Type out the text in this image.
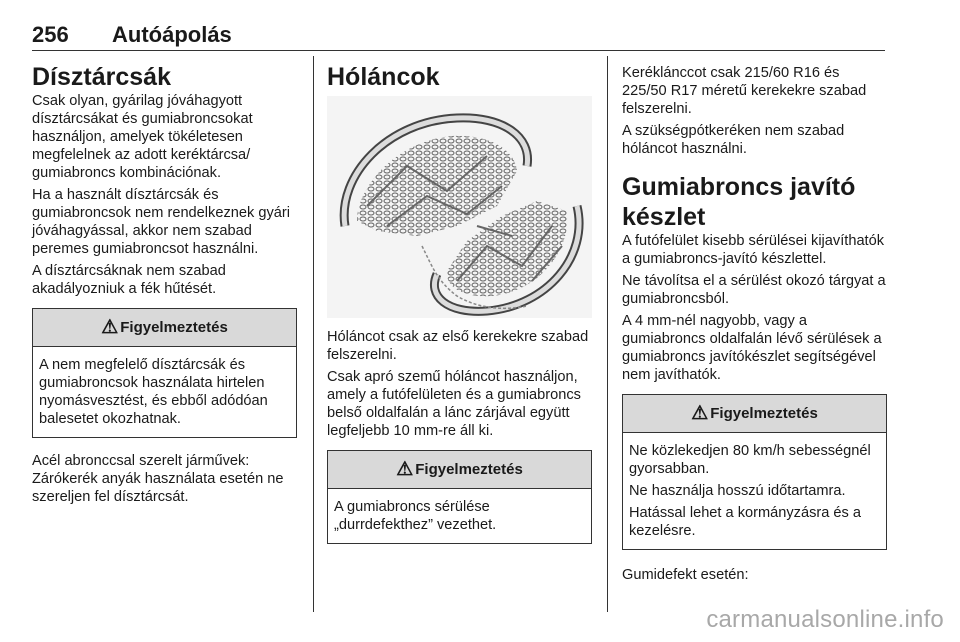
256 Autóápolás
Dísztárcsák

Csak olyan, gyárilag jóváhagyott dísztárcsákat és gumiabroncsokat használjon, amelyek tökéletesen megfelelnek az adott keréktárcsa/ gumiabroncs kombinációnak.

Ha a használt dísztárcsák és gumiabroncsok nem rendelkeznek gyári jóváhagyással, akkor nem szabad peremes gumiabroncsot használni.

A dísztárcsáknak nem szabad akadályozniuk a fék hűtését.

⚠ Figyelmeztetés

A nem megfelelő dísztárcsák és gumiabroncsok használata hirtelen nyomásvesztést, és ebből adódóan balesetet okozhatnak.

Acél abronccsal szerelt járművek: Zárókerék anyák használata esetén ne szereljen fel dísztárcsát.

Hóláncok

Hóláncot csak az első kerekekre szabad felszerelni.

Csak apró szemű hóláncot használjon, amely a futófelületen és a gumiabroncs belső oldalfalán a lánc zárjával együtt legfeljebb 10 mm-re áll ki.

⚠ Figyelmeztetés

A gumiabroncs sérülése „durrdefekthez” vezethet.

Keréklánccot csak 215/60 R16 és 225/50 R17 méretű kerekekre szabad felszerelni.

A szükségpótkeréken nem szabad hóláncot használni.

Gumiabroncs javító készlet

A futófelület kisebb sérülései kijavíthatók a gumiabroncs-javító készlettel.

Ne távolítsa el a sérülést okozó tárgyat a gumiabroncsból.

A 4 mm-nél nagyobb, vagy a gumiabroncs oldalfalán lévő sérülések a gumiabroncs javítókészlet segítségével nem javíthatók.

⚠ Figyelmeztetés

Ne közlekedjen 80 km/h sebességnél gyorsabban.

Ne használja hosszú időtartamra.

Hatással lehet a kormányzásra és a kezelésre.

Gumidefekt esetén:

carmanualsonline.info
